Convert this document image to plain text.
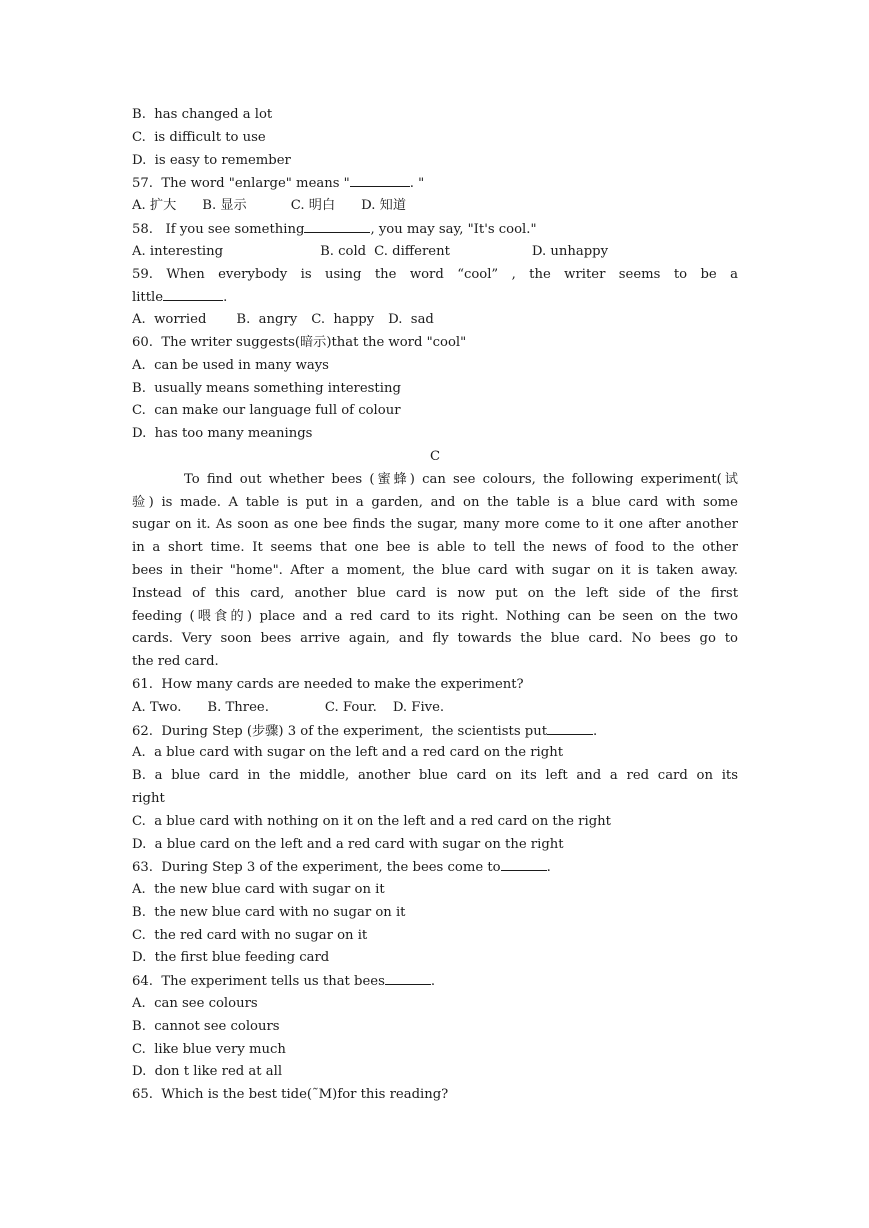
B.  has changed a lot
C.  is difficult to use
D.  is easy to remember
57.  The word "enlarge" means "	. "
A. 扩大 B. 显示	C. 明白 D. 知道
58.   If you see something	, you may say, "It's cool."
A. interesting	B. cold C. different	D. unhappy
59. When everybody is using the word “cool” , the writer seems to be a
little	.
A.  worried B.  angry C.  happy D.  sad
60.  The writer suggests(暗示)that the word "cool"
A.  can be used in many ways
B.  usually means something interesting
C.  can make our language full of colour
D.  has too many meanings
C
To find out whether bees (蜜蜂) can see colours, the following experiment(试
验) is made. A table is put in a garden, and on the table is a blue card with some
sugar on it. As soon as one bee finds the sugar, many more come to it one after another
in a short time. It seems that one bee is able to tell the news of food to the other
bees in their "home". After a moment, the blue card with sugar on it is taken away.
Instead of this card, another blue card is now put on the left side of the first
feeding (喂食的) place and a red card to its right. Nothing can be seen on the two
cards. Very soon bees arrive again, and fly towards the blue card. No bees go to
the red card.
61.  How many cards are needed to make the experiment?
A. Two. B. Three.	C. Four. D. Five.
62.  During Step (步骤) 3 of the experiment,  the scientists put	.
A.  a blue card with sugar on the left and a red card on the right
B. a blue card in the middle, another blue card on its left and a red card on its
right
C.  a blue card with nothing on it on the left and a red card on the right
D.  a blue card on the left and a red card with sugar on the right
63.  During Step 3 of the experiment, the bees come to	.
A.  the new blue card with sugar on it
B.  the new blue card with no sugar on it
C.  the red card with no sugar on it
D.  the first blue feeding card
64.  The experiment tells us that bees	.
A.  can see colours
B.  cannot see colours
C.  like blue very much
D.  don t like red at all
65.  Which is the best tide(˜M)for this reading?
